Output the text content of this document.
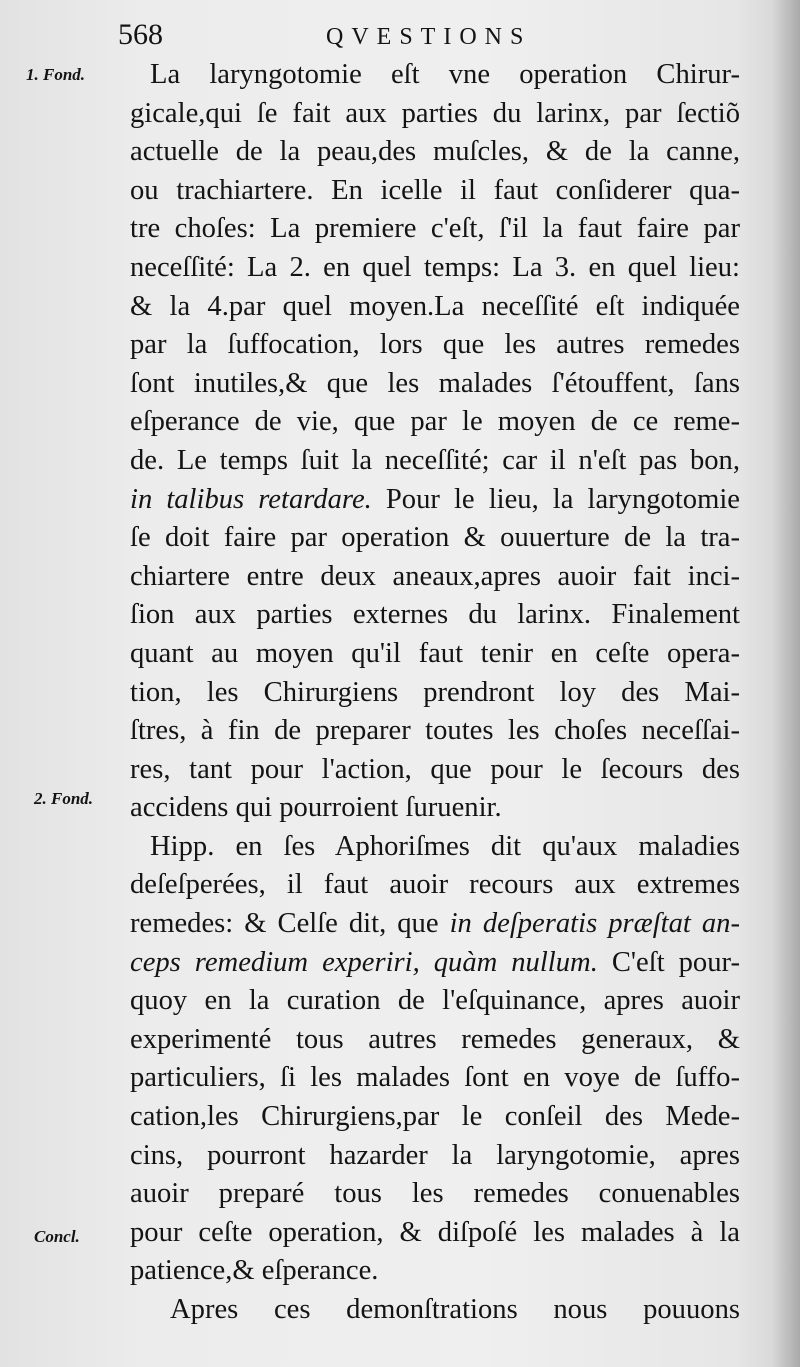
568	QVESTIONS
1. Fond.
2. Fond.
Concl.
La laryngotomie eſt vne operation Chirur-
gicale,qui ſe fait aux parties du larinx, par ſectiõ
actuelle de la peau,des muſcles, & de la canne,
ou trachiartere. En icelle il faut conſiderer qua-
tre choſes: La premiere c'eſt, ſ'il la faut faire par
neceſſité: La 2. en quel temps: La 3. en quel lieu:
& la 4.par quel moyen.La neceſſité eſt indiquée
par la ſuffocation, lors que les autres remedes
ſont inutiles,& que les malades ſ'étouffent, ſans
eſperance de vie, que par le moyen de ce reme-
de. Le temps ſuit la neceſſité; car il n'eſt pas bon,
in talibus retardare. Pour le lieu, la laryngotomie
ſe doit faire par operation & ouuerture de la tra-
chiartere entre deux aneaux,apres auoir fait inci-
ſion aux parties externes du larinx. Finalement
quant au moyen qu'il faut tenir en ceſte opera-
tion, les Chirurgiens prendront loy des Mai-
ſtres, à fin de preparer toutes les choſes neceſſai-
res, tant pour l'action, que pour le ſecours des
accidens qui pourroient ſuruenir.
Hipp. en ſes Aphoriſmes dit qu'aux maladies
deſeſperées, il faut auoir recours aux extremes
remedes: & Celſe dit, que in deſperatis præſtat an-
ceps remedium experiri, quàm nullum. C'eſt pour-
quoy en la curation de l'eſquinance, apres auoir
experimenté tous autres remedes generaux, &
particuliers, ſi les malades ſont en voye de ſuffo-
cation,les Chirurgiens,par le conſeil des Mede-
cins, pourront hazarder la laryngotomie, apres
auoir preparé tous les remedes conuenables
pour ceſte operation, & diſpoſé les malades à la
patience,& eſperance.
Apres ces demonſtrations nous pouuons
